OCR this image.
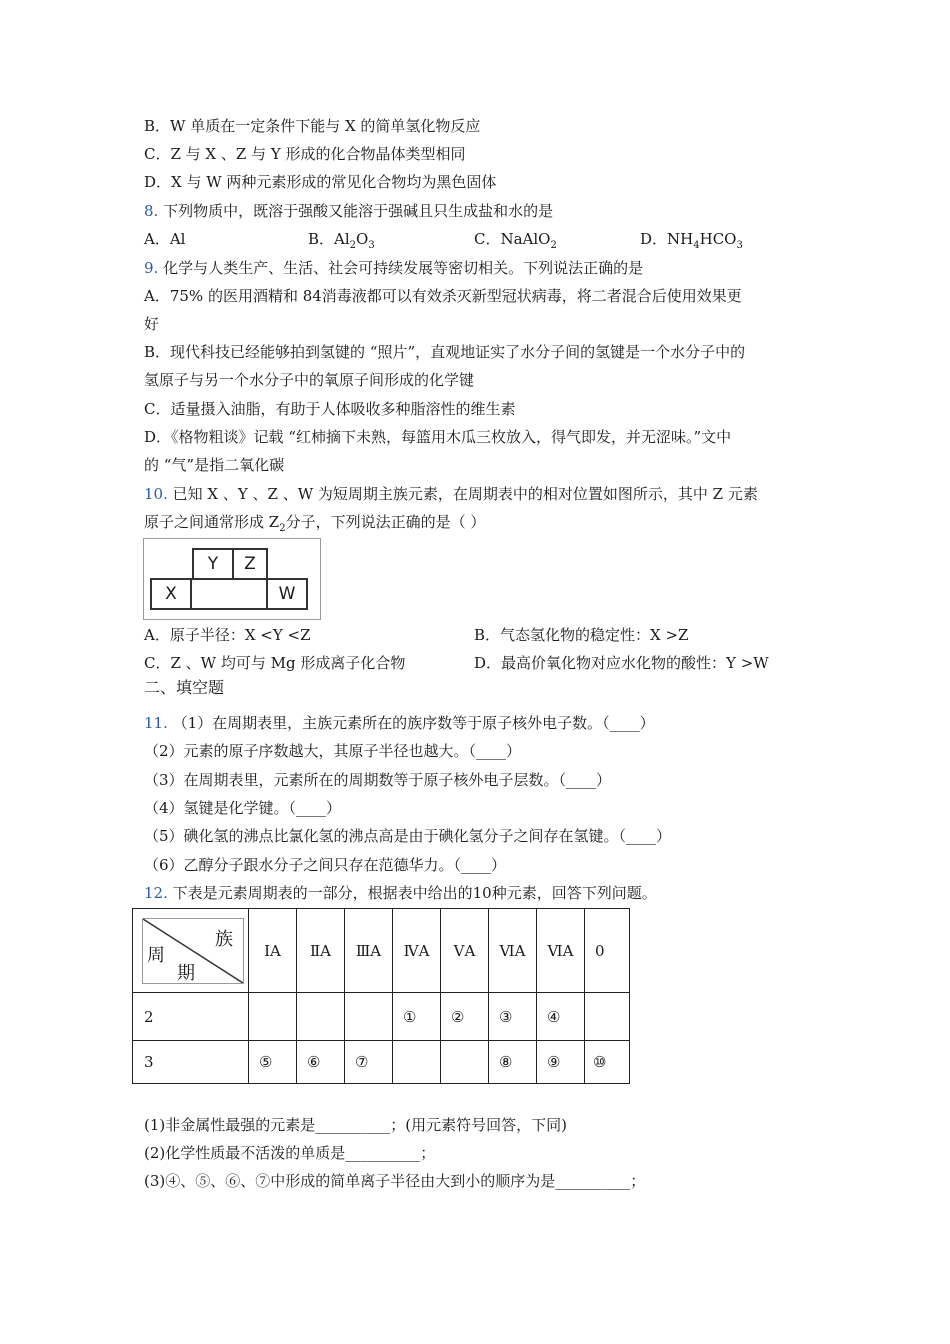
B．W 单质在一定条件下能与 X 的简单氢化物反应
C．Z 与 X 、Z 与 Y 形成的化合物晶体类型相同
D．X 与 W 两种元素形成的常见化合物均为黑色固体
8. 下列物质中，既溶于强酸又能溶于强碱且只生成盐和水的是
A．Al	B．$Al_2O_3$	C．NaAlO$_2$	D．$NH_4HCO_3$
9. 化学与人类生产、生活、社会可持续发展等密切相关。下列说法正确的是
A．75% 的医用酒精和 84消毒液都可以有效杀灭新型冠状病毒，将二者混合后使用效果更
好
B．现代科技已经能够拍到氢键的 “照片”，直观地证实了水分子间的氢键是一个水分子中的
氢原子与另一个水分子中的氧原子间形成的化学键
C．适量摄入油脂，有助于人体吸收多种脂溶性的维生素
D．《格物粗谈》记载 “红柿摘下未熟，每篮用木瓜三枚放入，得气即发，并无涩味。”文中
的 “气”是指二氧化碳
10. 已知 X 、Y 、Z 、W 为短周期主族元素，在周期表中的相对位置如图所示，其中 Z 元素
原子之间通常形成 $Z_2$分子，下列说法正确的是（ ）
Y	Z
X	W
A．原子半径：X <Y <Z	B．气态氢化物的稳定性：X >Z
C．Z 、W 均可与 Mg 形成离子化合物	D．最高价氧化物对应水化物的酸性：Y >W
二、填空题
11. （1）在周期表里，主族元素所在的族序数等于原子核外电子数。（____）
（2）元素的原子序数越大，其原子半径也越大。（____）
（3）在周期表里，元素所在的周期数等于原子核外电子层数。（____）
（4）氢键是化学键。（____）
（5）碘化氢的沸点比氯化氢的沸点高是由于碘化氢分子之间存在氢键。（____）
（6）乙醇分子跟水分子之间只存在范德华力。（____）
12. 下表是元素周期表的一部分，根据表中给出的10种元素，回答下列问题。
族
周
期	ⅠA	ⅡA	ⅢA	ⅣA	ⅤA	ⅥA	ⅥA	0
2				①	②	③	④	
3	⑤	⑥	⑦			⑧	⑨	⑩
(1)非金属性最强的元素是__________；(用元素符号回答，下同)
(2)化学性质最不活泼的单质是__________；
(3)④、⑤、⑥、⑦中形成的简单离子半径由大到小的顺序为是__________；
